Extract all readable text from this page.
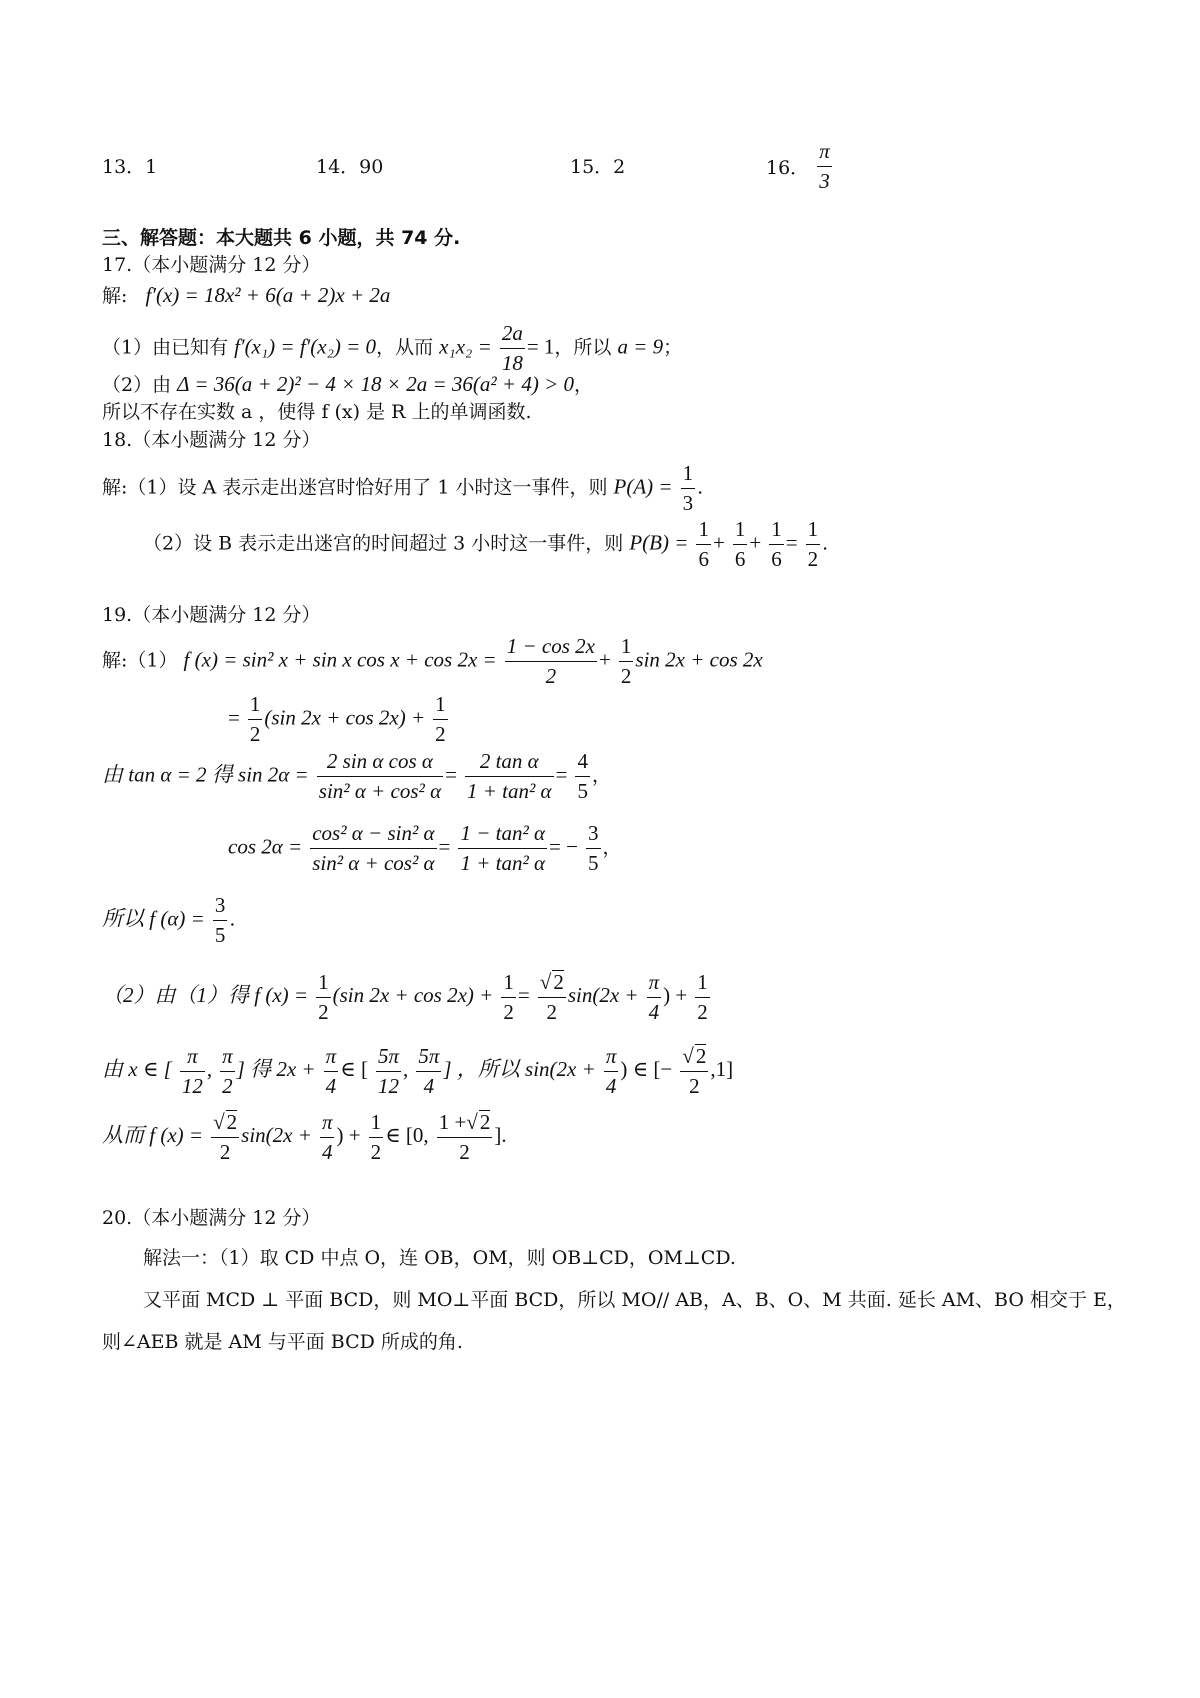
13．1	14．90	15．2	16． $\frac{\pi}{3}$
三、解答题：本大题共 6 小题，共 74 分.
17.（本小题满分 12 分）
解: f′(x) = 18x² + 6(a + 2)x + 2a
（1）由已知有 f′(x₁) = f′(x₂) = 0，从而 $x_1x_2 = \frac{2a}{18} = 1$，所以 a = 9；
（2）由 Δ = 36(a + 2)² − 4 × 18 × 2a = 36(a² + 4) > 0，
所以不存在实数 a ，使得 f (x) 是 R 上的单调函数.
18.（本小题满分 12 分）
解:（1）设 A 表示走出迷宫时恰好用了 1 小时这一事件，则 $P(A) = \frac{1}{3}$ .
（2）设 B 表示走出迷宫的时间超过 3 小时这一事件，则 $P(B) = \frac{1}{6} + \frac{1}{6} + \frac{1}{6} = \frac{1}{2}$ .
19.（本小题满分 12 分）
解:（1） f (x) = sin² x + sin x $\cos x + \cos 2x = \frac{1 - \cos 2x}{2} + \frac{1}{2}$ sin 2x + cos 2x
= $\frac{1}{2} (\sin$ $2x + \cos 2x) + \frac{1}{2}$
由 tan α = 2 得 $\sin 2\alpha = \frac{\text{2 sin α cos α}}{\text{sin² α + cos² α}} = \frac{\text{2 tan α}}{\text{1 + tan² α}} = \frac{4}{5}$ ，
$\cos 2\alpha = \frac{\text{cos² α − sin² α}}{\text{sin² α + cos² α}} = \frac{\text{1 − tan² α}}{\text{1 + tan² α}}$ = − $\frac{3}{5}$ ，
所以 f $(\alpha) = \frac{3}{5}$ .
（2）由（1）得 f $(x) = \frac{1}{2} (\sin$ $2x + \cos 2x) + \frac{1}{2} = \frac{√2}{2} \sin(2x + \frac{\pi}{4}$ ) + $\frac{1}{2}$
由 x ∈ [ $\frac{\pi}{12}$ , $\frac{\pi}{2}$ ] 得 $2x + \frac{\pi}{4}$ ∈ [ $\frac{5\pi}{12}$ , $\frac{5\pi}{4}$ ] ，所以 $\sin(2x + \frac{\pi}{4}$ ) ∈ [− $\frac{√2}{2} ,1$]
从而 f $(x) = \frac{√2}{2} \sin(2x + \frac{\pi}{4}$ ) + $\frac{1}{2}$ ∈ [0, $\frac{1 +√2}{2}$ ].
20.（本小题满分 12 分）
解法一：（1）取 CD 中点 O，连 OB，OM，则 OB⊥CD，OM⊥CD.
又平面 MCD ⊥ 平面 BCD，则 MO⊥平面 BCD，所以 MO// AB，A、B、O、M 共面. 延长 AM、BO 相交于 E，
则∠AEB 就是 AM 与平面 BCD 所成的角.
